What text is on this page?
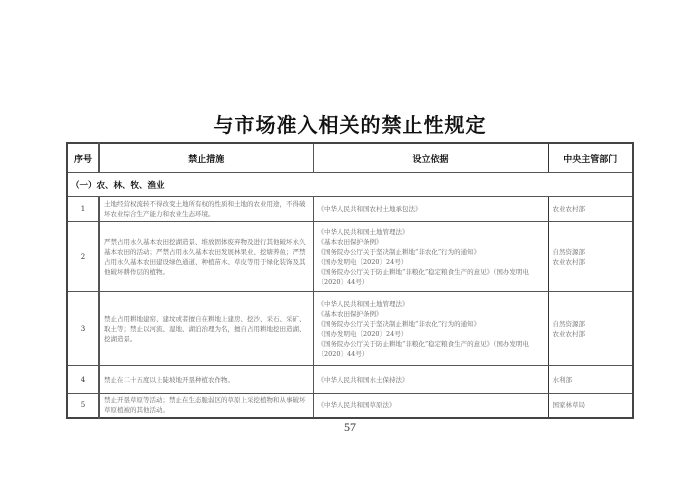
与市场准入相关的禁止性规定
序号	禁止措施	设立依据	中央主管部门
（一）农、林、牧、渔业			
1	土地经营权流转不得改变土地所有权的性质和土地的农业用途，不得破坏农业综合生产能力和农业生态环境。	《中华人民共和国农村土地承包法》	农业农村部

2	严禁占用永久基本农田挖湖造景、堆放固体废弃物及进行其他破坏永久基本农田的活动；严禁占用永久基本农田发展林果业、挖塘养鱼；严禁占用永久基本农田建设绿色通道、种植苗木、草皮等用于绿化装饰及其他破坏耕作层的植物。	《中华人民共和国土地管理法》
《基本农田保护条例》
《国务院办公厅关于坚决制止耕地“非农化”行为的通知》
（国办发明电〔2020〕24号）
《国务院办公厅关于防止耕地“非粮化”稳定粮食生产的意见》（国办发明电〔2020〕44号）	自然资源部
农业农村部

3	禁止占用耕地建窑、建坟或者擅自在耕地上建房、挖沙、采石、采矿、取土等；禁止以河流、湿地、湖泊治理为名，擅自占用耕地挖田造湖、挖湖造景。	《中华人民共和国土地管理法》
《基本农田保护条例》
《国务院办公厅关于坚决制止耕地“非农化”行为的通知》
（国办发明电〔2020〕24号）
《国务院办公厅关于防止耕地“非粮化”稳定粮食生产的意见》（国办发明电〔2020〕44号）	自然资源部
农业农村部

4	禁止在二十五度以上陡坡地开垦种植农作物。	《中华人民共和国水土保持法》	水利部

5	禁止开垦草原等活动；禁止在生态脆弱区的草原上采挖植物和从事破坏草原植被的其他活动。	《中华人民共和国草原法》	国家林草局
57
